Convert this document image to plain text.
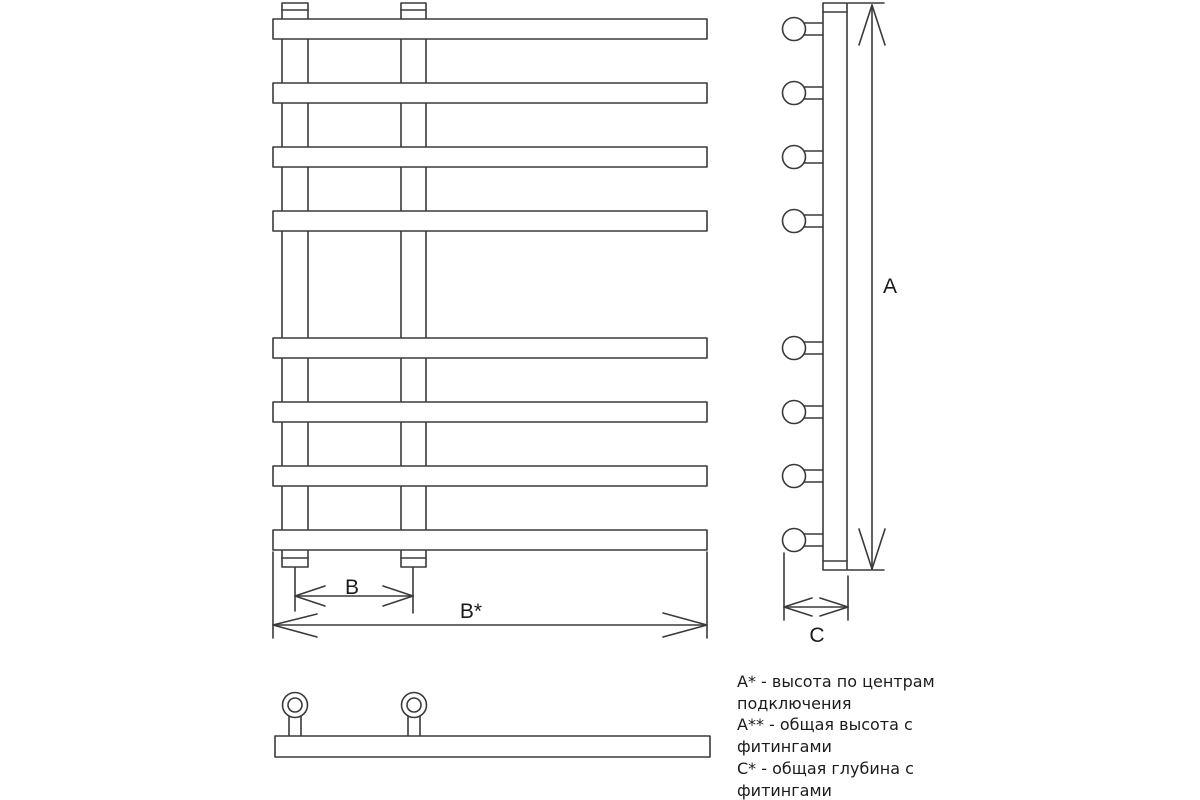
B
B*
A
C
A* - высота по центрам
подключения
A** - общая высота с
фитингами
C* - общая глубина с
фитингами
